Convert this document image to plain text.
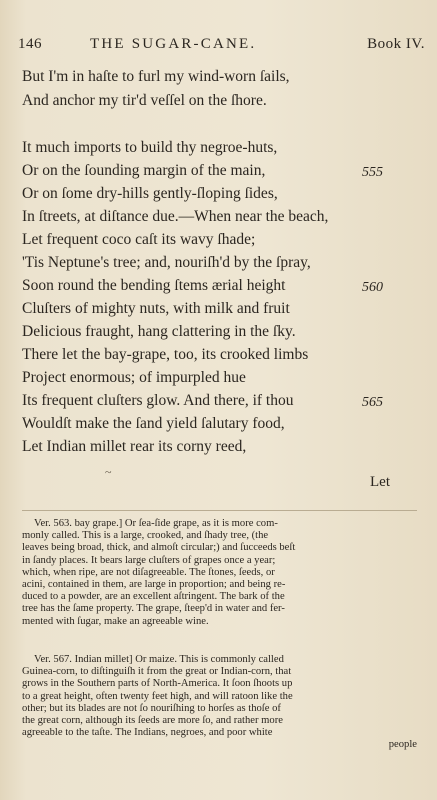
146	THE SUGAR-CANE.	Book IV.
But I'm in haſte to furl my wind-worn ſails,
And anchor my tir'd veſſel on the ſhore.
It much imports to build thy negroe-huts,
Or on the ſounding margin of the main,
Or on ſome dry-hills gently-ſloping ſides,
In ſtreets, at diſtance due.—When near the beach,
Let frequent coco caſt its wavy ſhade;
'Tis Neptune's tree; and, nouriſh'd by the ſpray,
Soon round the bending ſtems ærial height
Cluſters of mighty nuts, with milk and fruit
Delicious fraught, hang clattering in the ſky.
There let the bay-grape, too, its crooked limbs
Project enormous; of impurpled hue
Its frequent cluſters glow. And there, if thou
Wouldſt make the ſand yield ſalutary food,
Let Indian millet rear its corny reed,
555
560
565
~
Let
Ver. 563. bay grape.] Or ſea-ſide grape, as it is more com-
monly called. This is a large, crooked, and ſhady tree, (the
leaves being broad, thick, and almoſt circular;) and ſucceeds beſt
in ſandy places. It bears large cluſters of grapes once a year;
which, when ripe, are not diſagreeable. The ſtones, ſeeds, or
acini, contained in them, are large in proportion; and being re-
duced to a powder, are an excellent aſtringent. The bark of the
tree has the ſame property. The grape, ſteep'd in water and fer-
mented with ſugar, make an agreeable wine.
Ver. 567. Indian millet] Or maize. This is commonly called
Guinea-corn, to diſtinguiſh it from the great or Indian-corn, that
grows in the Southern parts of North-America. It ſoon ſhoots up
to a great height, often twenty feet high, and will ratoon like the
other; but its blades are not ſo nouriſhing to horſes as thoſe of
the great corn, although its ſeeds are more ſo, and rather more
agreeable to the taſte. The Indians, negroes, and poor white
people
